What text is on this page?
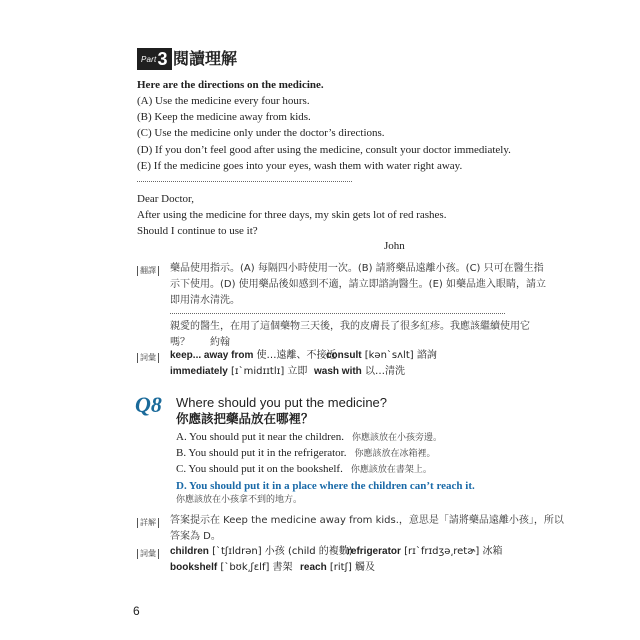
Part 3 閱讀理解
Here are the directions on the medicine.
(A) Use the medicine every four hours.
(B) Keep the medicine away from kids.
(C) Use the medicine only under the doctor’s directions.
(D) If you don’t feel good after using the medicine, consult your doctor immediately.
(E) If the medicine goes into your eyes, wash them with water right away.
Dear Doctor,
After using the medicine for three days, my skin gets lot of red rashes.
Should I continue to use it?
John
翻譯	藥品使用指示。(A) 每隔四小時使用一次。(B) 請將藥品遠離小孩。(C) 只可在醫生指
示下使用。(D) 使用藥品後如感到不適，請立即諮詢醫生。(E) 如藥品進入眼睛，請立
即用清水清洗。
親愛的醫生，在用了這個藥物三天後，我的皮膚長了很多紅疹。我應該繼續使用它
嗎？　　約翰
詞彙	keep... away from 使…遠離、不接近
consult [kən`sʌlt] 諮詢
immediately [ɪ`midɪɪtlɪ] 立即 wash with 以…清洗
Q8 Where should you put the medicine?
你應該把藥品放在哪裡？
A. You should put it near the children. 你應該放在小孩旁邊。
B. You should put it in the refrigerator. 你應該放在冰箱裡。
C. You should put it on the bookshelf. 你應該放在書架上。
D. You should put it in a place where the children can’t reach it.
你應該放在小孩拿不到的地方。
詳解	答案提示在 Keep the medicine away from kids.，意思是「請將藥品遠離小孩」，所以
答案為 D。
詞彙	children [`tʃɪldrən] 小孩 (child 的複數)
refrigerator [rɪ`frɪdʒə͵retɚ] 冰箱
bookshelf [`bʊk͵ʃɛlf] 書架 reach [ritʃ] 觸及
6
